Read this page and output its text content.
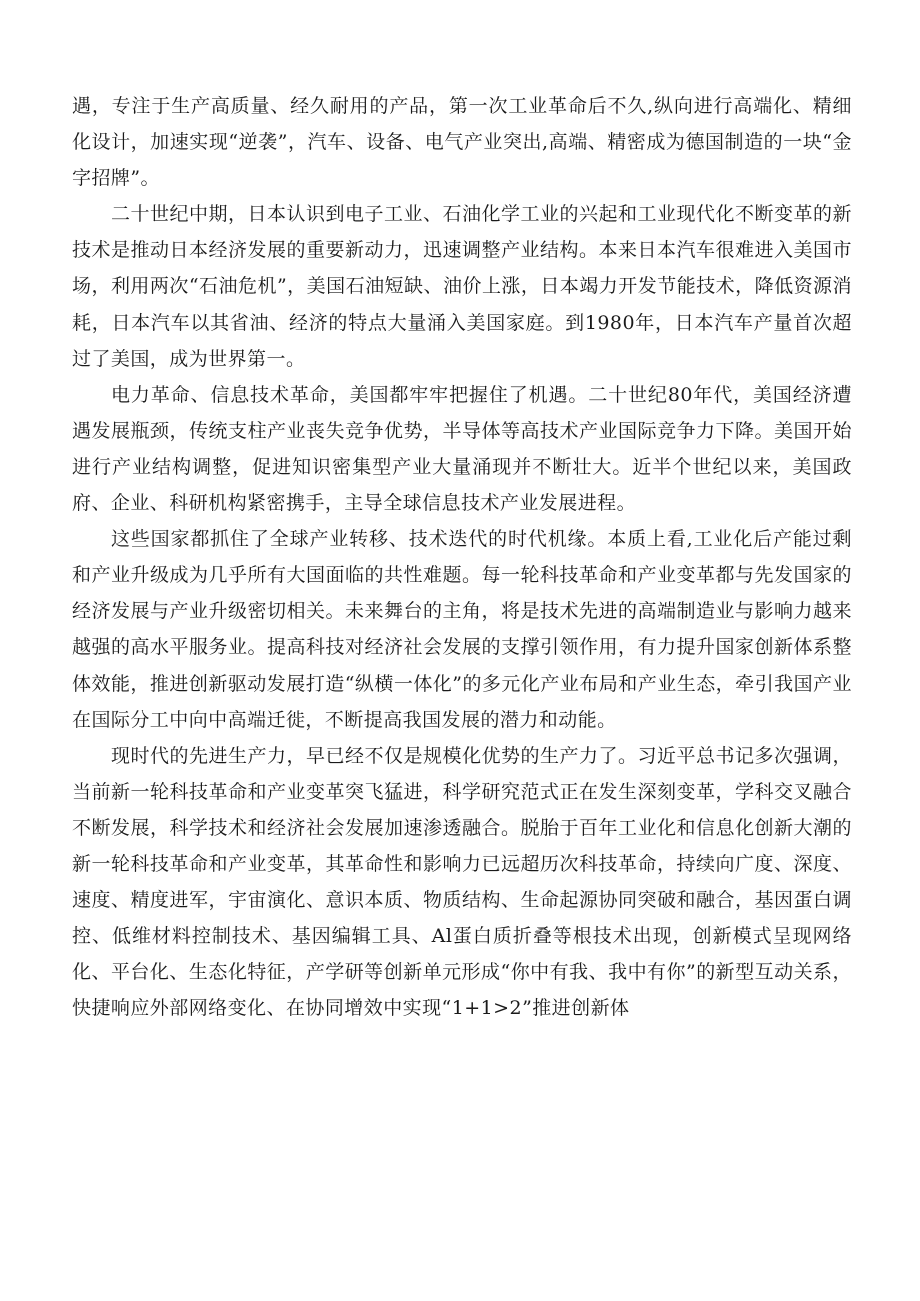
遇，专注于生产高质量、经久耐用的产品，第一次工业革命后不久,纵向进行高端化、精细化设计，加速实现“逆袭”，汽车、设备、电气产业突出,高端、精密成为德国制造的一块“金字招牌”。

二十世纪中期，日本认识到电子工业、石油化学工业的兴起和工业现代化不断变革的新技术是推动日本经济发展的重要新动力，迅速调整产业结构。本来日本汽车很难进入美国市场，利用两次“石油危机”，美国石油短缺、油价上涨，日本竭力开发节能技术，降低资源消耗，日本汽车以其省油、经济的特点大量涌入美国家庭。到1980年，日本汽车产量首次超过了美国，成为世界第一。

电力革命、信息技术革命，美国都牢牢把握住了机遇。二十世纪80年代，美国经济遭遇发展瓶颈，传统支柱产业丧失竞争优势，半导体等高技术产业国际竞争力下降。美国开始进行产业结构调整，促进知识密集型产业大量涌现并不断壮大。近半个世纪以来，美国政府、企业、科研机构紧密携手，主导全球信息技术产业发展进程。

这些国家都抓住了全球产业转移、技术迭代的时代机缘。本质上看,工业化后产能过剩和产业升级成为几乎所有大国面临的共性难题。每一轮科技革命和产业变革都与先发国家的经济发展与产业升级密切相关。未来舞台的主角，将是技术先进的高端制造业与影响力越来越强的高水平服务业。提高科技对经济社会发展的支撑引领作用，有力提升国家创新体系整体效能，推进创新驱动发展打造“纵横一体化”的多元化产业布局和产业生态，牵引我国产业在国际分工中向中高端迁徙，不断提高我国发展的潜力和动能。

现时代的先进生产力，早已经不仅是规模化优势的生产力了。习近平总书记多次强调，当前新一轮科技革命和产业变革突飞猛进，科学研究范式正在发生深刻变革，学科交叉融合不断发展，科学技术和经济社会发展加速渗透融合。脱胎于百年工业化和信息化创新大潮的新一轮科技革命和产业变革，其革命性和影响力已远超历次科技革命，持续向广度、深度、速度、精度进军，宇宙演化、意识本质、物质结构、生命起源协同突破和融合，基因蛋白调控、低维材料控制技术、基因编辑工具、Al蛋白质折叠等根技术出现，创新模式呈现网络化、平台化、生态化特征，产学研等创新单元形成“你中有我、我中有你”的新型互动关系，快捷响应外部网络变化、在协同增效中实现“1+1>2”推进创新体
